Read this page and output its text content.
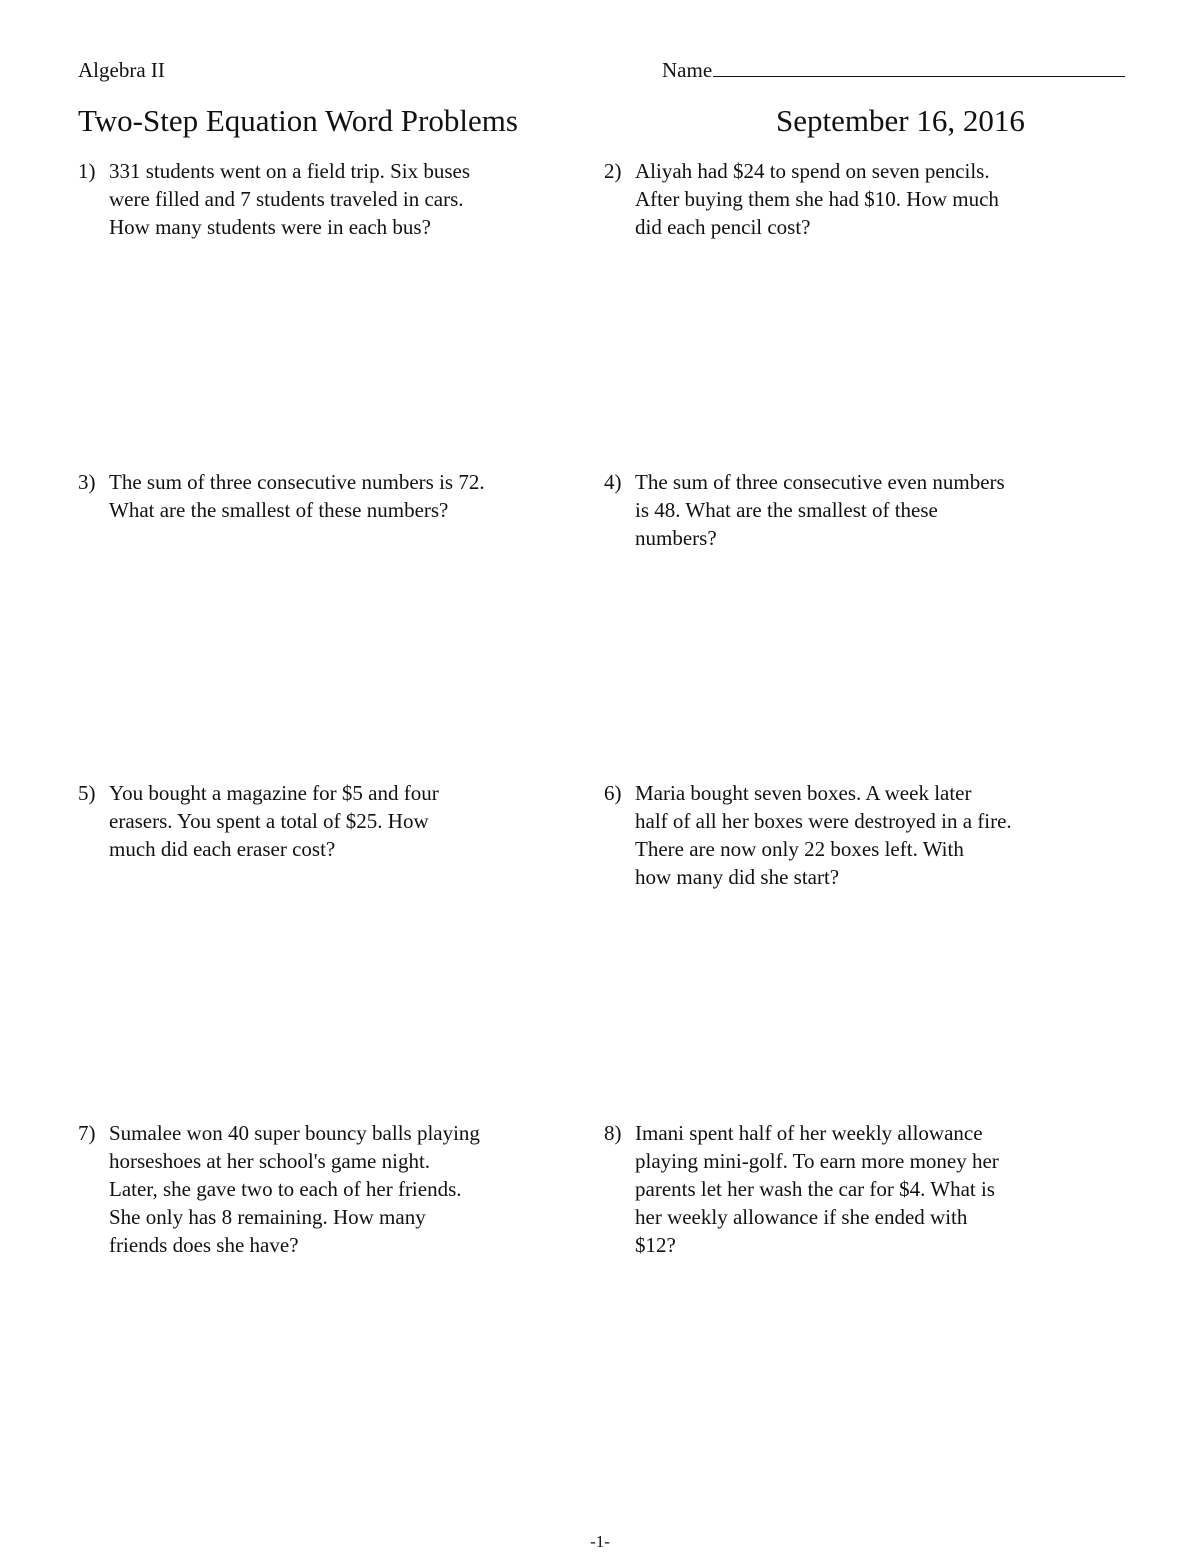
Algebra II	Name
Two-Step Equation Word Problems	September 16, 2016
1) 331 students went on a field trip. Six buses
were filled and 7 students traveled in cars.
How many students were in each bus?
2) Aliyah had $24 to spend on seven pencils.
After buying them she had $10. How much
did each pencil cost?
3) The sum of three consecutive numbers is 72.
What are the smallest of these numbers?
4) The sum of three consecutive even numbers
is 48. What are the smallest of these
numbers?
5) You bought a magazine for $5 and four
erasers. You spent a total of $25. How
much did each eraser cost?
6) Maria bought seven boxes. A week later
half of all her boxes were destroyed in a fire.
There are now only 22 boxes left. With
how many did she start?
7) Sumalee won 40 super bouncy balls playing
horseshoes at her school's game night.
Later, she gave two to each of her friends.
She only has 8 remaining. How many
friends does she have?
8) Imani spent half of her weekly allowance
playing mini-golf. To earn more money her
parents let her wash the car for $4. What is
her weekly allowance if she ended with
$12?
-1-
